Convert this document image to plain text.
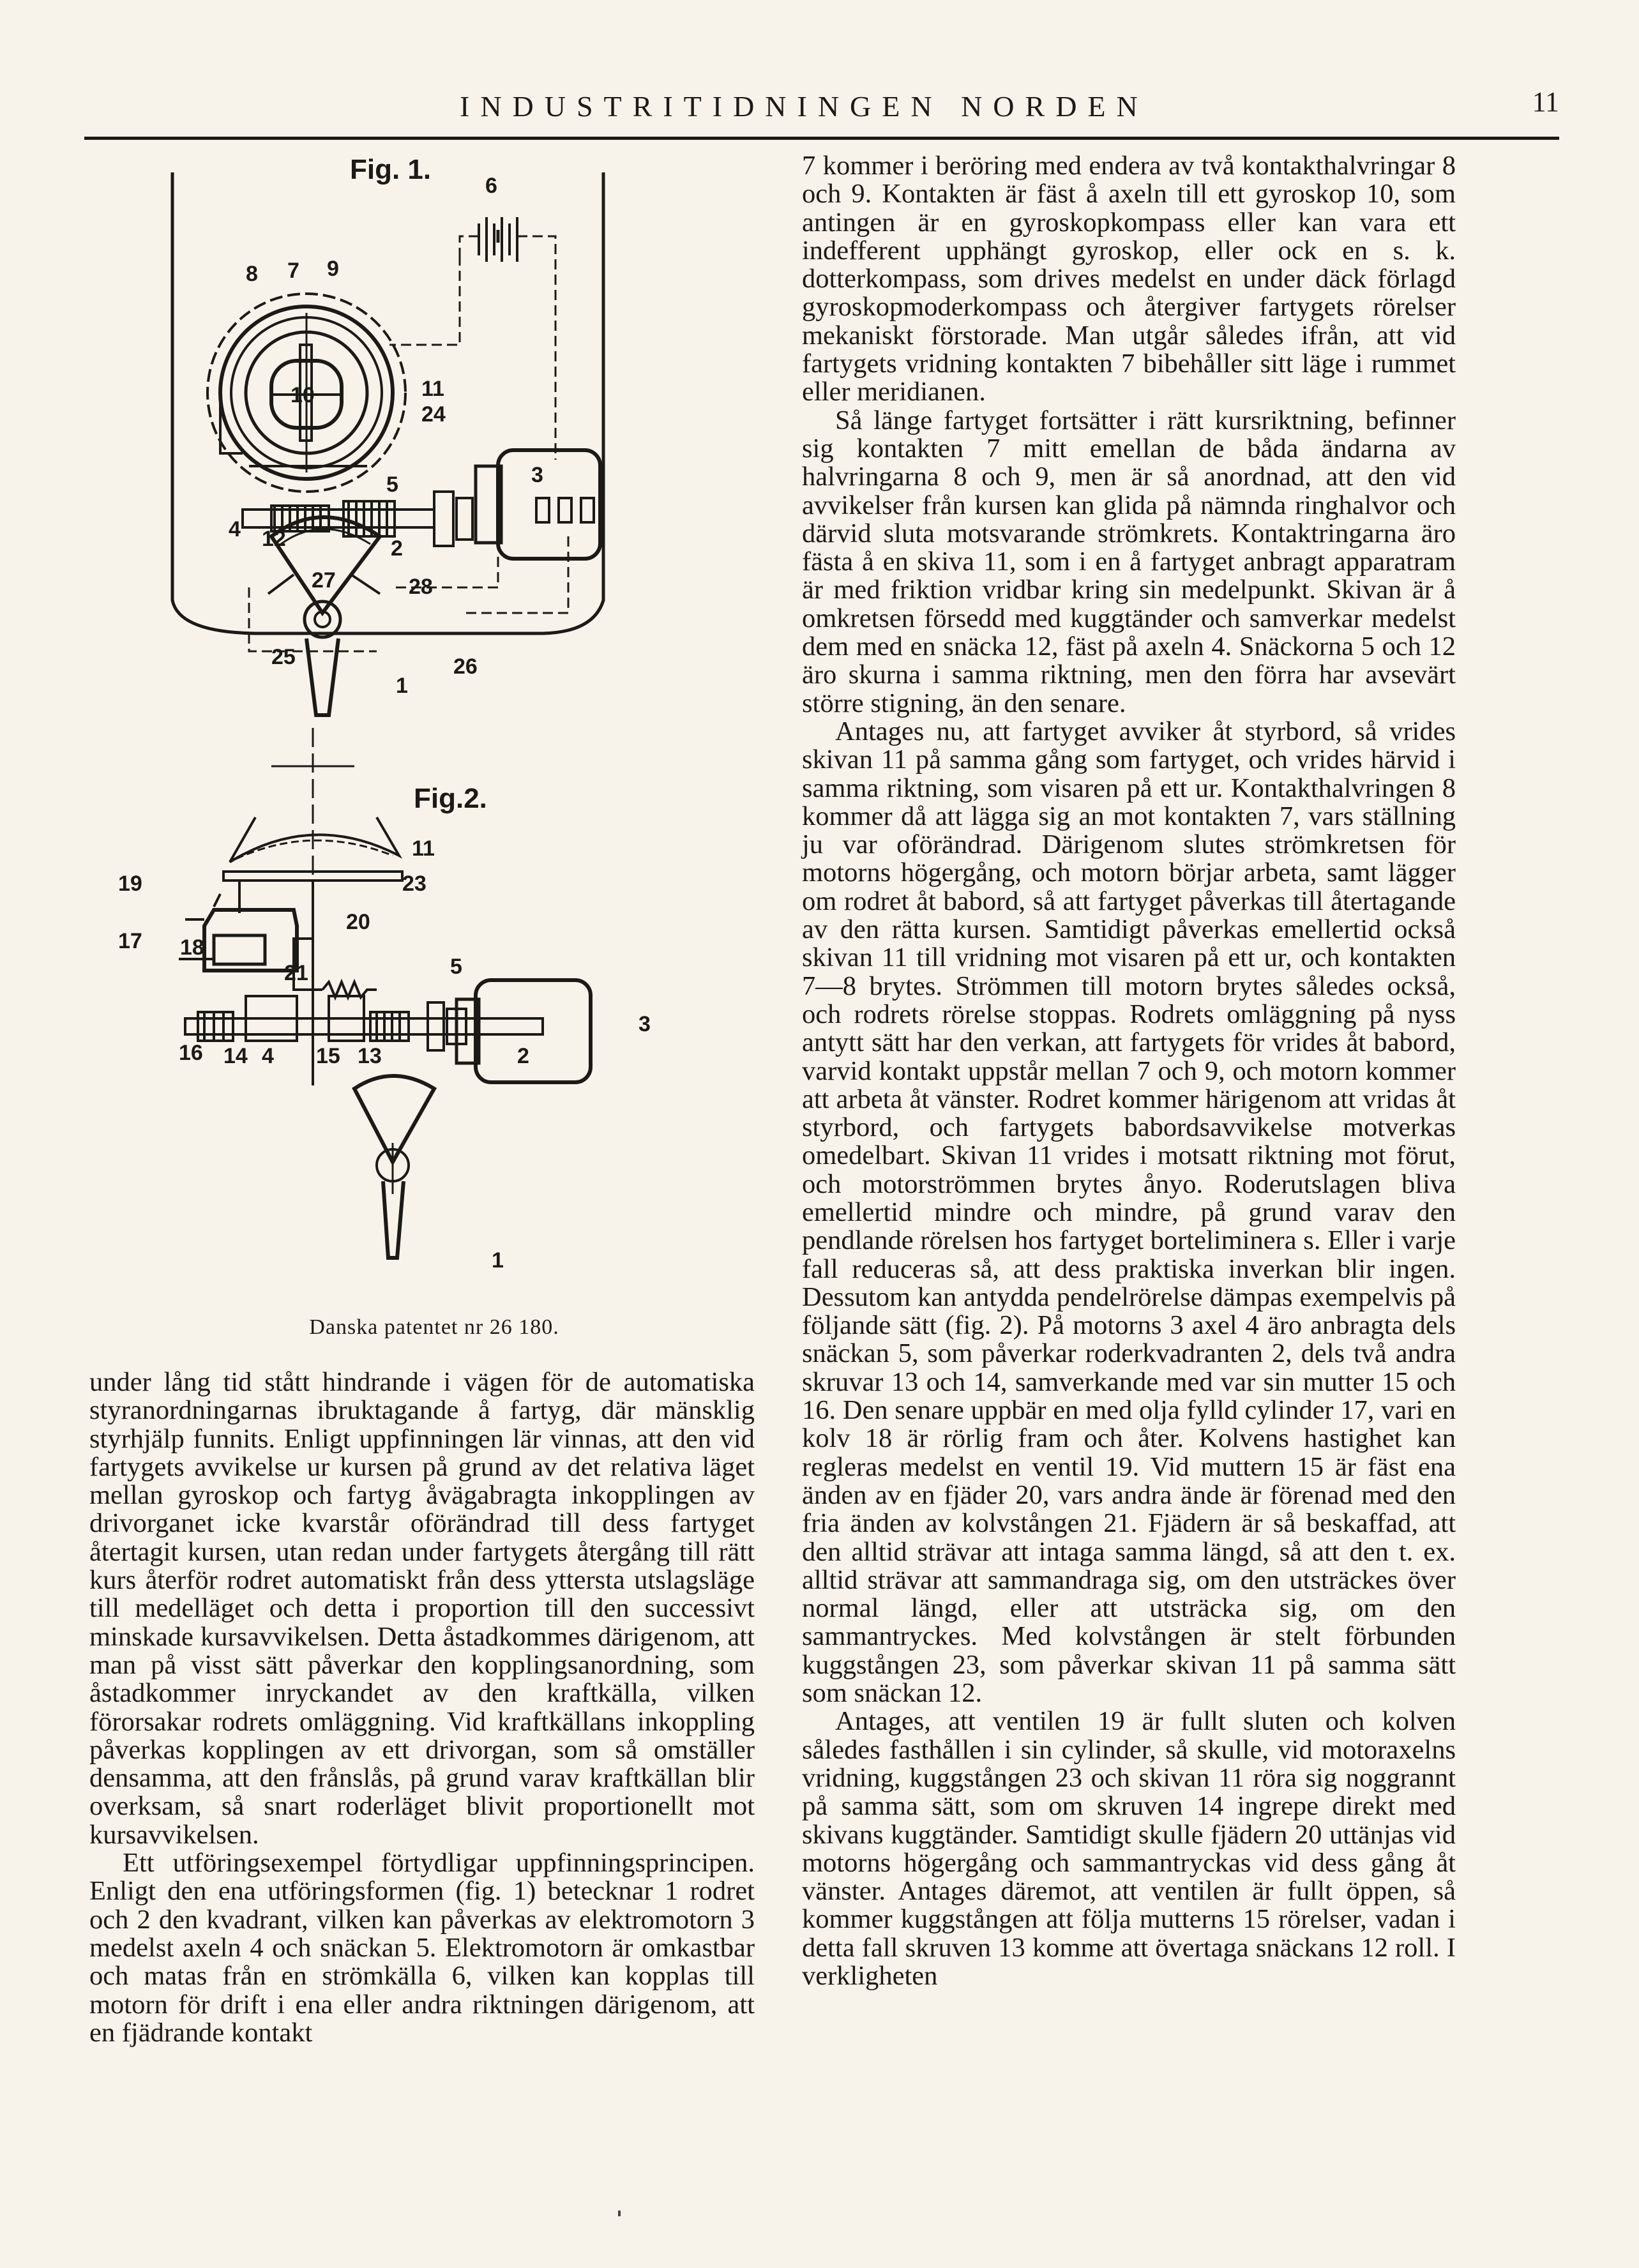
INDUSTRITIDNINGEN NORDEN	11
Fig. 1.
6
8 7 9
10	11
24
5	3
4 12	2
27	28
25	26
1
Fig.2.
11
23
19
17 18
20
21	5
3
16 14 4 15 13	2
1
Danska patentet nr 26 180.

under lång tid stått hindrande i vägen för de automatiska styranordningarnas ibruktagande å fartyg, där mänsklig styrhjälp funnits. Enligt uppfinningen lär vinnas, att den vid fartygets avvikelse ur kursen på grund av det relativa läget mellan gyroskop och fartyg åvägabragta inkopplingen av drivorganet icke kvarstår oförändrad till dess fartyget återtagit kursen, utan redan under fartygets återgång till rätt kurs återför rodret automatiskt från dess yttersta utslagsläge till medelläget och detta i proportion till den successivt minskade kursavvikelsen. Detta åstadkommes därigenom, att man på visst sätt påverkar den kopplingsanordning, som åstadkommer inryckandet av den kraftkälla, vilken förorsakar rodrets omläggning. Vid kraftkällans inkoppling påverkas kopplingen av ett drivorgan, som så omställer densamma, att den frånslås, på grund varav kraftkällan blir overksam, så snart roderläget blivit proportionellt mot kursavvikelsen.

Ett utföringsexempel förtydligar uppfinningsprincipen. Enligt den ena utföringsformen (fig. 1) betecknar 1 rodret och 2 den kvadrant, vilken kan påverkas av elektromotorn 3 medelst axeln 4 och snäckan 5. Elektromotorn är omkastbar och matas från en strömkälla 6, vilken kan kopplas till motorn för drift i ena eller andra riktningen därigenom, att en fjädrande kontakt

7 kommer i beröring med endera av två kontakthalvringar 8 och 9. Kontakten är fäst å axeln till ett gyroskop 10, som antingen är en gyroskopkompass eller kan vara ett indefferent upphängt gyroskop, eller ock en s. k. dotterkompass, som drives medelst en under däck förlagd gyroskopmoderkompass och återgiver fartygets rörelser mekaniskt förstorade. Man utgår således ifrån, att vid fartygets vridning kontakten 7 bibehåller sitt läge i rummet eller meridianen.

Så länge fartyget fortsätter i rätt kursriktning, befinner sig kontakten 7 mitt emellan de båda ändarna av halvringarna 8 och 9, men är så anordnad, att den vid avvikelser från kursen kan glida på nämnda ringhalvor och därvid sluta motsvarande strömkrets. Kontaktringarna äro fästa å en skiva 11, som i en å fartyget anbragt apparatram är med friktion vridbar kring sin medelpunkt. Skivan är å omkretsen försedd med kuggtänder och samverkar medelst dem med en snäcka 12, fäst på axeln 4. Snäckorna 5 och 12 äro skurna i samma riktning, men den förra har avsevärt större stigning, än den senare.

Antages nu, att fartyget avviker åt styrbord, så vrides skivan 11 på samma gång som fartyget, och vrides härvid i samma riktning, som visaren på ett ur. Kontakthalvringen 8 kommer då att lägga sig an mot kontakten 7, vars ställning ju var oförändrad. Därigenom slutes strömkretsen för motorns högergång, och motorn börjar arbeta, samt lägger om rodret åt babord, så att fartyget påverkas till återtagande av den rätta kursen. Samtidigt påverkas emellertid också skivan 11 till vridning mot visaren på ett ur, och kontakten 7—8 brytes. Strömmen till motorn brytes således också, och rodrets rörelse stoppas. Rodrets omläggning på nyss antytt sätt har den verkan, att fartygets för vrides åt babord, varvid kontakt uppstår mellan 7 och 9, och motorn kommer att arbeta åt vänster. Rodret kommer härigenom att vridas åt styrbord, och fartygets babordsavvikelse motverkas omedelbart. Skivan 11 vrides i motsatt riktning mot förut, och motorströmmen brytes ånyo. Roderutslagen bliva emellertid mindre och mindre, på grund varav den pendlande rörelsen hos fartyget borteliminera s. Eller i varje fall reduceras så, att dess praktiska inverkan blir ingen. Dessutom kan antydda pendelrörelse dämpas exempelvis på följande sätt (fig. 2). På motorns 3 axel 4 äro anbragta dels snäckan 5, som påverkar roderkvadranten 2, dels två andra skruvar 13 och 14, samverkande med var sin mutter 15 och 16. Den senare uppbär en med olja fylld cylinder 17, vari en kolv 18 är rörlig fram och åter. Kolvens hastighet kan regleras medelst en ventil 19. Vid muttern 15 är fäst ena änden av en fjäder 20, vars andra ände är förenad med den fria änden av kolvstången 21. Fjädern är så beskaffad, att den alltid strävar att intaga samma längd, så att den t. ex. alltid strävar att sammandraga sig, om den utsträckes över normal längd, eller att utsträcka sig, om den sammantryckes. Med kolvstången är stelt förbunden kuggstången 23, som påverkar skivan 11 på samma sätt som snäckan 12.

Antages, att ventilen 19 är fullt sluten och kolven således fasthållen i sin cylinder, så skulle, vid motoraxelns vridning, kuggstången 23 och skivan 11 röra sig noggrannt på samma sätt, som om skruven 14 ingrepe direkt med skivans kuggtänder. Samtidigt skulle fjädern 20 uttänjas vid motorns högergång och sammantryckas vid dess gång åt vänster. Antages däremot, att ventilen är fullt öppen, så kommer kuggstången att följa mutterns 15 rörelser, vadan i detta fall skruven 13 komme att övertaga snäckans 12 roll. I verkligheten
